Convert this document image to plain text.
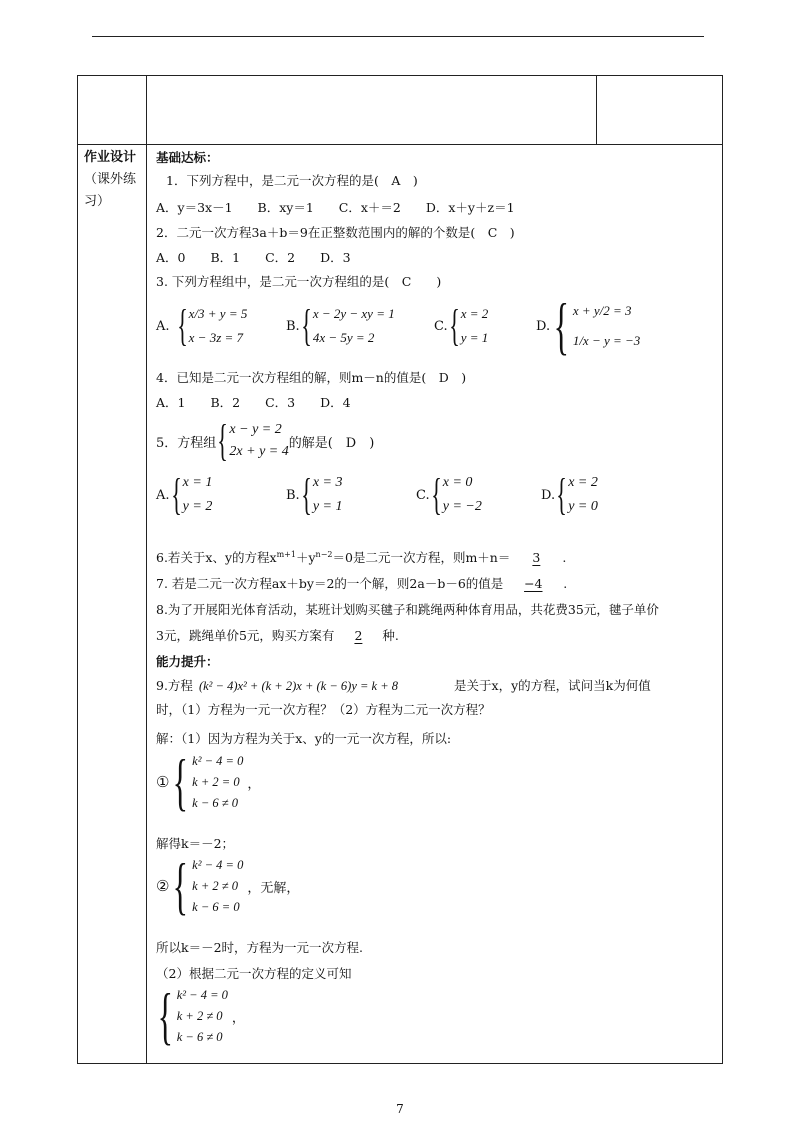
作业设计
（课外练
习）
基础达标：
1．下列方程中，是二元一次方程的是(　A　)
A．y＝3x－1　　B．xy＝1　　C．x＋＝2　　D．x＋y＋z＝1
2．二元一次方程3a＋b＝9在正整数范围内的解的个数是(　C　)
A．0　　B．1　　C．2　　D．3
3. 下列方程组中，是二元一次方程组的是(　C　　)
A. { x/3 + y = 5
x − 3z = 7
B. { x − 2y − xy = 1
4x − 5y = 2
C. { x = 2
y = 1
D. { x + y/2 = 3
1/x − y = −3
4．已知是二元一次方程组的解，则m－n的值是(　D　)
A．1　　B．2　　C．3　　D．4
5．方程组 { x − y = 2
2x + y = 4
的解是(　D　)
A. { x = 1
y = 2
B. { x = 3
y = 1
C. { x = 0
y = −2
D. { x = 2
y = 0
6.若关于x、y的方程$x^{m+1}+y^{n-2}=0$是二元一次方程，则m＋n＝ 3 .
7. 若是二元一次方程ax＋by＝2的一个解，则2a－b－6的值是 −4 .
8.为了开展阳光体育活动，某班计划购买毽子和跳绳两种体育用品，共花费35元，毽子单价
3元，跳绳单价5元，购买方案有 2 种.
能力提升：
9.方程 (k² − 4)x² + (k + 2)x + (k − 6)y = k + 8	是关于x，y的方程，试问当k为何值
时，（1）方程为一元一次方程？（2）方程为二元一次方程？
解：（1）因为方程为关于x、y的一元一次方程，所以:
① { k² − 4 = 0
k + 2 = 0
k − 6 ≠ 0
，
解得k＝－2；
② { k² − 4 = 0
k + 2 ≠ 0
k − 6 = 0
，无解，
所以k＝－2时，方程为一元一次方程.
（2）根据二元一次方程的定义可知
{ k² − 4 = 0
k + 2 ≠ 0
k − 6 ≠ 0
，
7
